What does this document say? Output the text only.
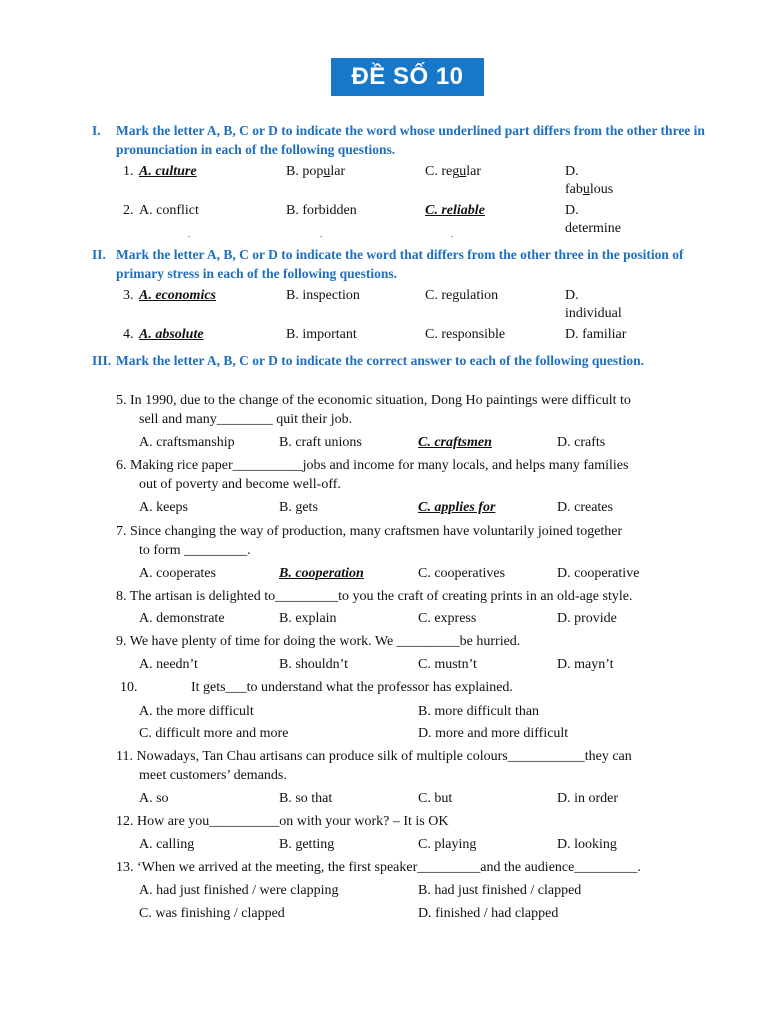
ĐỀ SỐ 10
I. Mark the letter A, B, C or D to indicate the word whose underlined part differs from the other three in pronunciation in each of the following questions.
1. A. culture	B. popular	C. regular	D.
fabulous
2. A. conflict	B. forbidden	C. reliable	D.
determine
.	.	.
II. Mark the letter A, B, C or D to indicate the word that differs from the other three in the position of primary stress in each of the following questions.
3. A. economics	B. inspection	C. regulation	D.
individual
4. A. absolute	B. important	C. responsible	D. familiar
III. Mark the letter A, B, C or D to indicate the correct answer to each of the following question.
5. In 1990, due to the change of the economic situation, Dong Ho paintings were difficult to
sell and many________ quit their job.
A. craftsmanship	B. craft unions	C. craftsmen	D. crafts
6. Making rice paper__________jobs and income for many locals, and helps many families
out of poverty and become well-off.
A. keeps	B. gets	C. applies for	D. creates
7. Since changing the way of production, many craftsmen have voluntarily joined together
to form _________.
A. cooperates	B. cooperation	C. cooperatives	D. cooperative
8. The artisan is delighted to_________to you the craft of creating prints in an old-age style.
A. demonstrate	B. explain	C. express	D. provide
9. We have plenty of time for doing the work. We _________be hurried.
A. needn’t	B. shouldn’t	C. mustn’t	D. mayn’t
10.	It gets___to understand what the professor has explained.
A. the more difficult	B. more difficult than
C. difficult more and more	D. more and more difficult
11. Nowadays, Tan Chau artisans can produce silk of multiple colours___________they can
meet customers’ demands.
A. so	B. so that	C. but	D. in order
12. How are you__________on with your work? – It is OK
A. calling	B. getting	C. playing	D. looking
13. ‘When we arrived at the meeting, the first speaker_________and the audience_________.
A. had just finished / were clapping	B. had just finished / clapped
C. was finishing / clapped	D. finished / had clapped
